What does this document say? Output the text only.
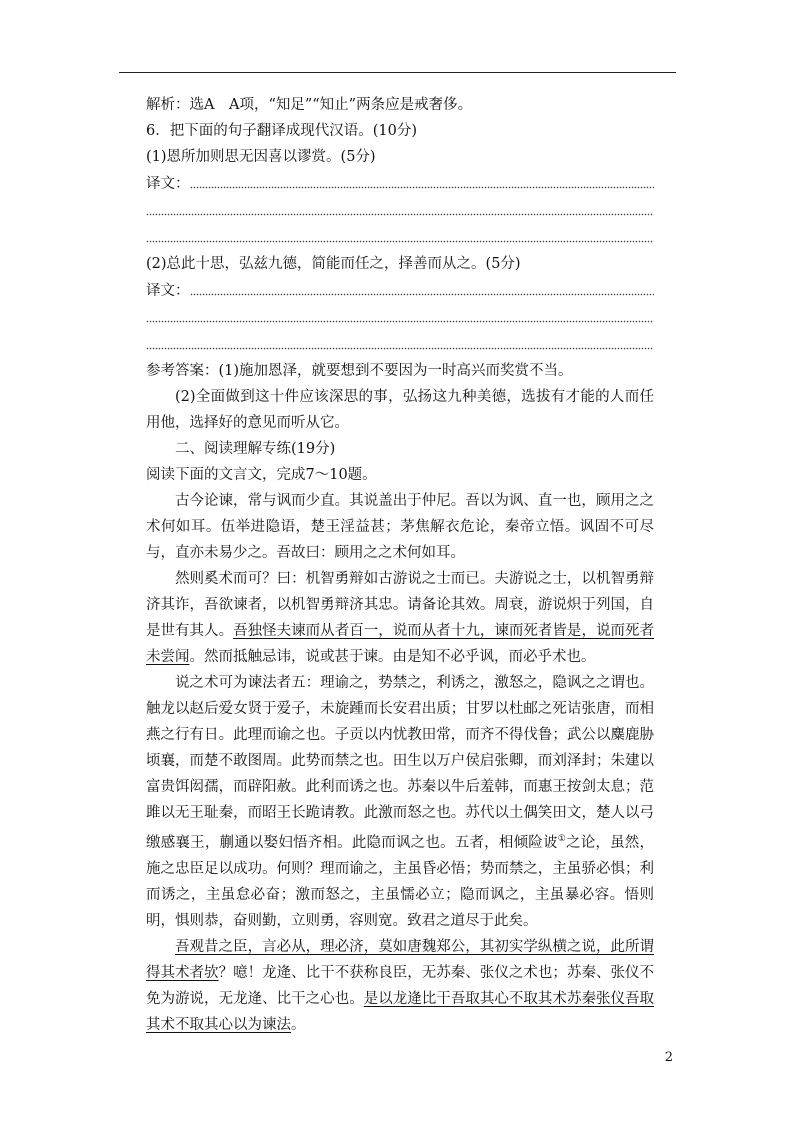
解析：选A　A项，“知足”“知止”两条应是戒奢侈。
6．把下面的句子翻译成现代汉语。(10分)
(1)恩所加则思无因喜以谬赏。(5分)
译文：
(2)总此十思，弘兹九德，简能而任之，择善而从之。(5分)
译文：
参考答案：(1)施加恩泽，就要想到不要因为一时高兴而奖赏不当。
(2)全面做到这十件应该深思的事，弘扬这九种美德，选拔有才能的人而任用他，选择好的意见而听从它。
二、阅读理解专练(19分)
阅读下面的文言文，完成7～10题。
古今论谏，常与讽而少直。其说盖出于仲尼。吾以为讽、直一也，顾用之之术何如耳。伍举进隐语，楚王淫益甚；茅焦解衣危论，秦帝立悟。讽固不可尽与，直亦未易少之。吾故曰：顾用之之术何如耳。
然则奚术而可？曰：机智勇辩如古游说之士而已。夫游说之士，以机智勇辩济其诈，吾欲谏者，以机智勇辩济其忠。请备论其效。周衰，游说炽于列国，自是世有其人。吾独怪夫谏而从者百一，说而从者十九，谏而死者皆是，说而死者未尝闻。然而抵触忌讳，说或甚于谏。由是知不必乎讽，而必乎术也。
说之术可为谏法者五：理谕之，势禁之，利诱之，激怒之，隐讽之之谓也。触龙以赵后爱女贤于爱子，未旋踵而长安君出质；甘罗以杜邮之死诘张唐，而相燕之行有日。此理而谕之也。子贡以内忧教田常，而齐不得伐鲁；武公以麋鹿胁顷襄，而楚不敢图周。此势而禁之也。田生以万户侯启张卿，而刘泽封；朱建以富贵饵闳孺，而辟阳赦。此利而诱之也。苏秦以牛后羞韩，而惠王按剑太息；范雎以无王耻秦，而昭王长跪请教。此激而怒之也。苏代以土偶笑田文，楚人以弓缴感襄王，蒯通以娶妇悟齐相。此隐而讽之也。五者，相倾险诐①之论，虽然，施之忠臣足以成功。何则？理而谕之，主虽昏必悟；势而禁之，主虽骄必惧；利而诱之，主虽怠必奋；激而怒之，主虽懦必立；隐而讽之，主虽暴必容。悟则明，惧则恭，奋则勤，立则勇，容则宽。致君之道尽于此矣。
吾观昔之臣，言必从，理必济，莫如唐魏郑公，其初实学纵横之说，此所谓得其术者欤？噫！龙逄、比干不获称良臣，无苏秦、张仪之术也；苏秦、张仪不免为游说，无龙逄、比干之心也。是以龙逄比干吾取其心不取其术苏秦张仪吾取其术不取其心以为谏法。
2
